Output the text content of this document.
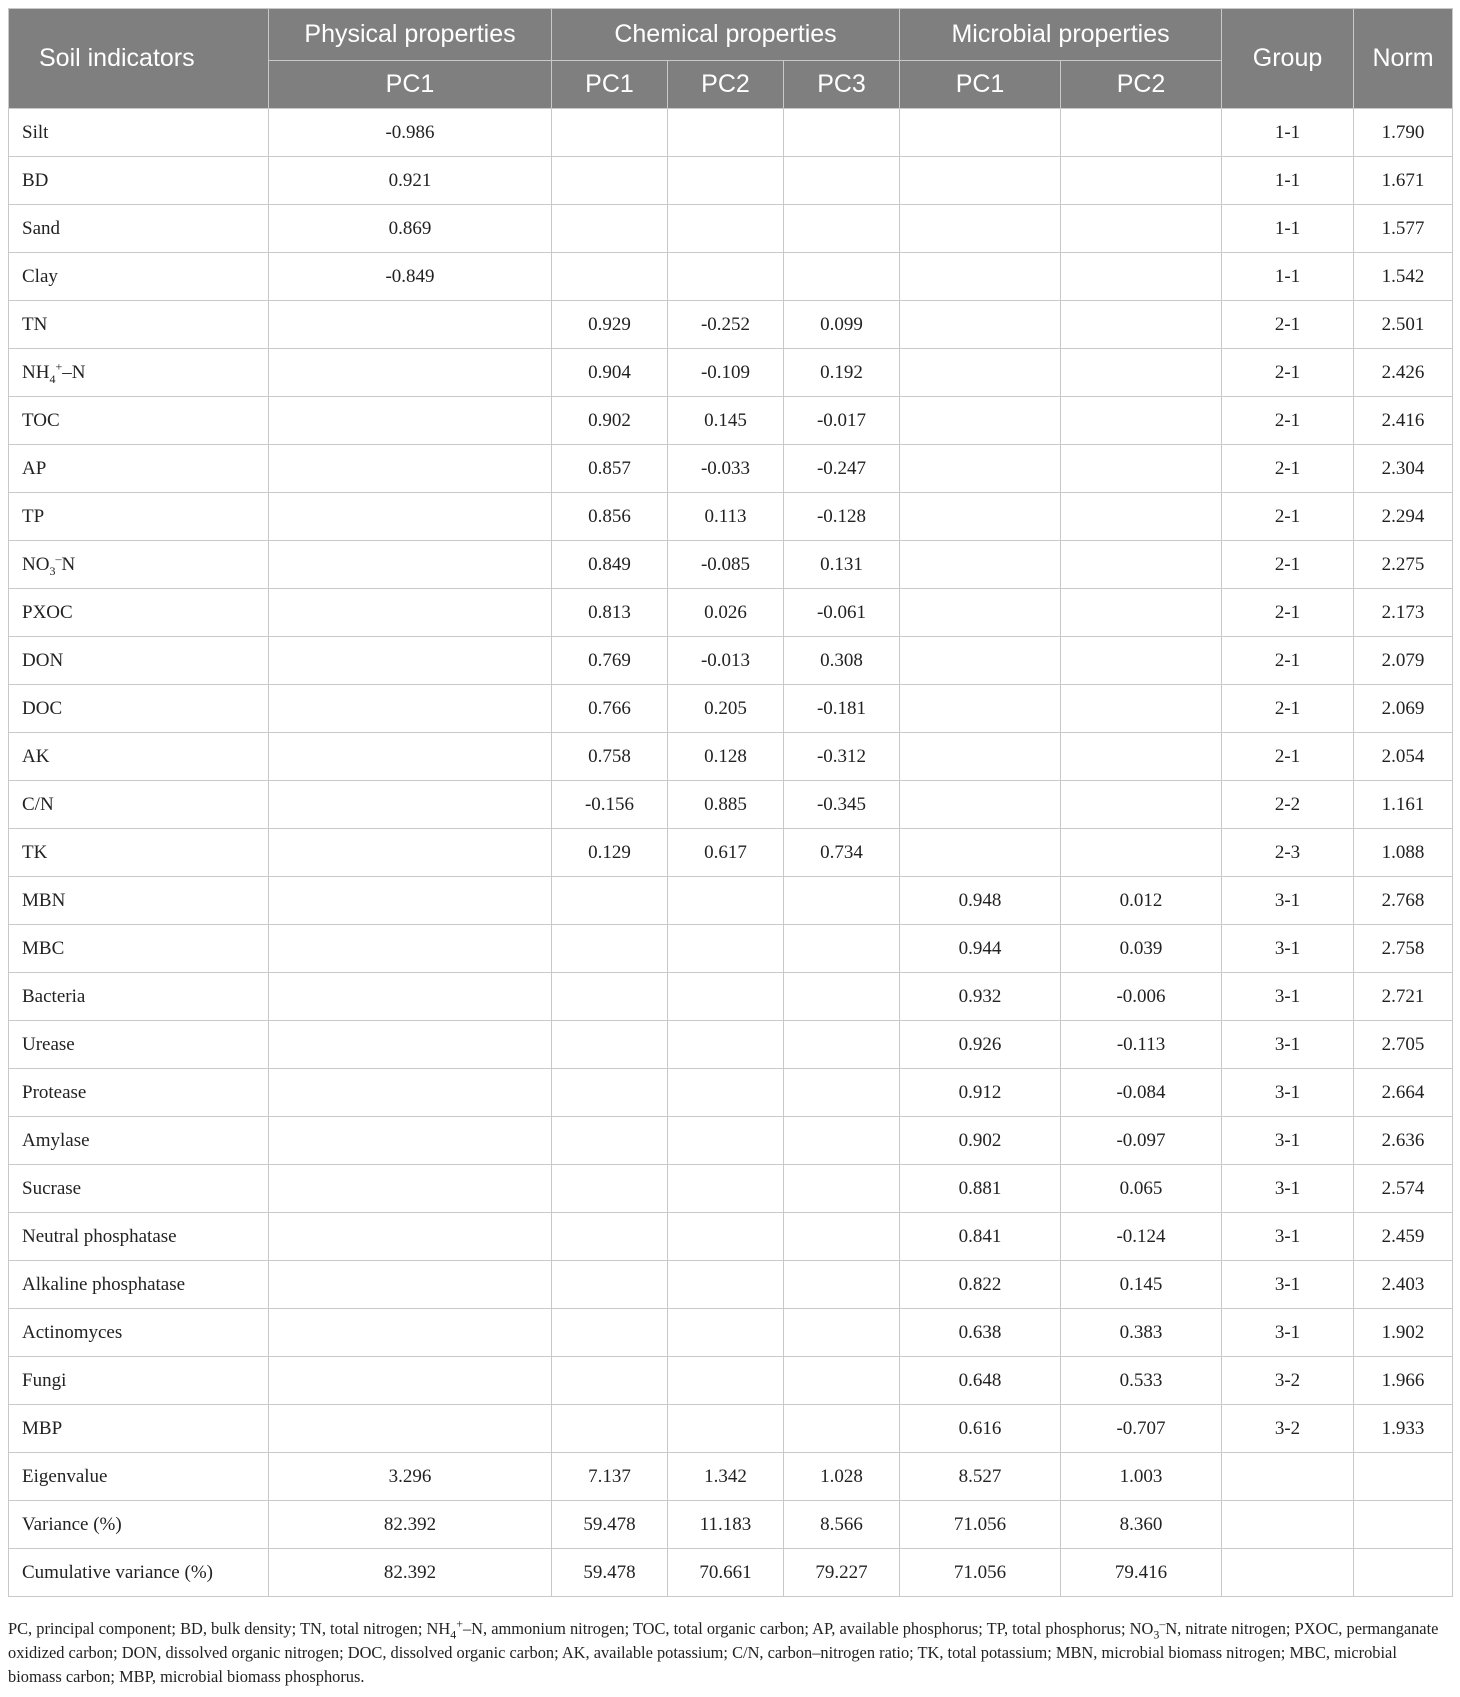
Soil indicators	Physical properties	Chemical properties			Microbial properties		Group	Norm
	PC1	PC1	PC2	PC3	PC1	PC2		
Silt	-0.986						1-1	1.790
BD	0.921						1-1	1.671
Sand	0.869						1-1	1.577
Clay	-0.849						1-1	1.542
TN		0.929	-0.252	0.099			2-1	2.501
$NH_4^+-N$		0.904	-0.109	0.192			2-1	2.426
TOC		0.902	0.145	-0.017			2-1	2.416
AP		0.857	-0.033	-0.247			2-1	2.304
TP		0.856	0.113	-0.128			2-1	2.294
$NO_3^-N$		0.849	-0.085	0.131			2-1	2.275
PXOC		0.813	0.026	-0.061			2-1	2.173
DON		0.769	-0.013	0.308			2-1	2.079
DOC		0.766	0.205	-0.181			2-1	2.069
AK		0.758	0.128	-0.312			2-1	2.054
C/N		-0.156	0.885	-0.345			2-2	1.161
TK		0.129	0.617	0.734			2-3	1.088
MBN					0.948	0.012	3-1	2.768
MBC					0.944	0.039	3-1	2.758
Bacteria					0.932	-0.006	3-1	2.721
Urease					0.926	-0.113	3-1	2.705
Protease					0.912	-0.084	3-1	2.664
Amylase					0.902	-0.097	3-1	2.636
Sucrase					0.881	0.065	3-1	2.574
Neutral phosphatase					0.841	-0.124	3-1	2.459
Alkaline phosphatase					0.822	0.145	3-1	2.403
Actinomyces					0.638	0.383	3-1	1.902
Fungi					0.648	0.533	3-2	1.966
MBP					0.616	-0.707	3-2	1.933
Eigenvalue	3.296	7.137	1.342	1.028	8.527	1.003		
Variance (%)	82.392	59.478	11.183	8.566	71.056	8.360		
Cumulative variance (%)	82.392	59.478	70.661	79.227	71.056	79.416		
PC, principal component; BD, bulk density; TN, total nitrogen; $NH_4^+-N$, ammonium nitrogen; TOC, total organic carbon; AP, available phosphorus; TP, total phosphorus; $NO_3^-N$, nitrate nitrogen; PXOC, permanganate oxidized carbon; DON, dissolved organic nitrogen; DOC, dissolved organic carbon; AK, available potassium; C/N, carbon–nitrogen ratio; TK, total potassium; MBN, microbial biomass nitrogen; MBC, microbial biomass carbon; MBP, microbial biomass phosphorus.
